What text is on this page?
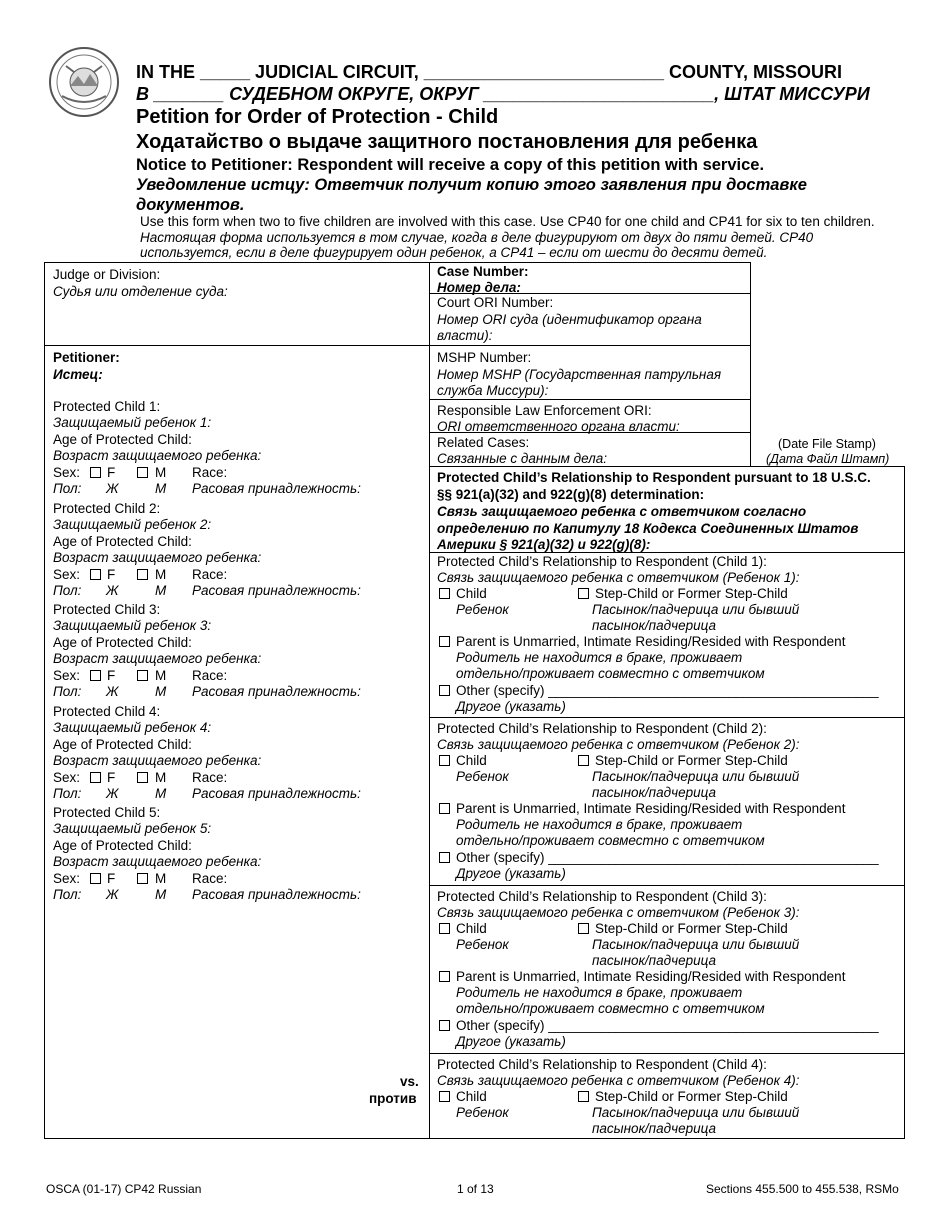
IN THE _____ JUDICIAL CIRCUIT, ________________________ COUNTY, MISSOURI
В _______ СУДЕБНОМ ОКРУГЕ, ОКРУГ _______________________, ШТАТ МИССУРИ
Petition for Order of Protection - Child
Ходатайство о выдаче защитного постановления для ребенка
Notice to Petitioner: Respondent will receive a copy of this petition with service.
Уведомление истцу: Ответчик получит копию этого заявления при доставке документов.
Use this form when two to five children are involved with this case. Use CP40 for one child and CP41 for six to ten children.
Настоящая форма используется в том случае, когда в деле фигурируют от двух до пяти детей. CP40
используется, если в деле фигурирует один ребенок, а CP41 – если от шести до десяти детей.
Judge or Division:
Судья или отделение суда:
Case Number:
Номер дела:
Court ORI Number:
Номер ORI суда (идентификатор органа
власти):
MSHP Number:
Номер MSHP (Государственная патрульная
служба Миссури):
Responsible Law Enforcement ORI:
ORI ответственного органа власти:
Related Cases:
Связанные с данным дела:
(Date File Stamp)
(Дата Файл Штамп)
Petitioner:
Истец:
Protected Child 1:
Защищаемый ребенок 1:
Age of Protected Child:
Возраст защищаемого ребенка:
Sex: F	M Race:
Пол: Ж	М Расовая принадлежность:
Protected Child 2:
Защищаемый ребенок 2:
Age of Protected Child:
Возраст защищаемого ребенка:
Sex: F	M Race:
Пол: Ж	М Расовая принадлежность:
Protected Child 3:
Защищаемый ребенок 3:
Age of Protected Child:
Возраст защищаемого ребенка:
Sex: F	M Race:
Пол: Ж	М Расовая принадлежность:
Protected Child 4:
Защищаемый ребенок 4:
Age of Protected Child:
Возраст защищаемого ребенка:
Sex: F	M Race:
Пол: Ж	М Расовая принадлежность:
Protected Child 5:
Защищаемый ребенок 5:
Age of Protected Child:
Возраст защищаемого ребенка:
Sex: F	M Race:
Пол: Ж	М Расовая принадлежность:
vs.
против
Protected Child’s Relationship to Respondent pursuant to 18 U.S.C.
§§ 921(a)(32) and 922(g)(8) determination:
Связь защищаемого ребенка с ответчиком согласно
определению по Капитулу 18 Кодекса Соединенных Штатов
Америки § 921(a)(32) и 922(g)(8):
Protected Child’s Relationship to Respondent (Child 1):
Связь защищаемого ребенка с ответчиком (Ребенок 1):
Child	Step-Child or Former Step-Child
Ребенок	Пасынок/падчерица или бывший
пасынок/падчерица
Parent is Unmarried, Intimate Residing/Resided with Respondent
Родитель не находится в браке, проживает
отдельно/проживает совместно с ответчиком
Other (specify) ____________________________________________
Другое (указать)
Protected Child’s Relationship to Respondent (Child 2):
Связь защищаемого ребенка с ответчиком (Ребенок 2):
Child	Step-Child or Former Step-Child
Ребенок	Пасынок/падчерица или бывший
пасынок/падчерица
Parent is Unmarried, Intimate Residing/Resided with Respondent
Родитель не находится в браке, проживает
отдельно/проживает совместно с ответчиком
Other (specify) ____________________________________________
Другое (указать)
Protected Child’s Relationship to Respondent (Child 3):
Связь защищаемого ребенка с ответчиком (Ребенок 3):
Child	Step-Child or Former Step-Child
Ребенок	Пасынок/падчерица или бывший
пасынок/падчерица
Parent is Unmarried, Intimate Residing/Resided with Respondent
Родитель не находится в браке, проживает
отдельно/проживает совместно с ответчиком
Other (specify) ____________________________________________
Другое (указать)
Protected Child’s Relationship to Respondent (Child 4):
Связь защищаемого ребенка с ответчиком (Ребенок 4):
Child	Step-Child or Former Step-Child
Ребенок	Пасынок/падчерица или бывший
пасынок/падчерица
OSCA (01-17) CP42 Russian	1 of 13	Sections 455.500 to 455.538, RSMo
